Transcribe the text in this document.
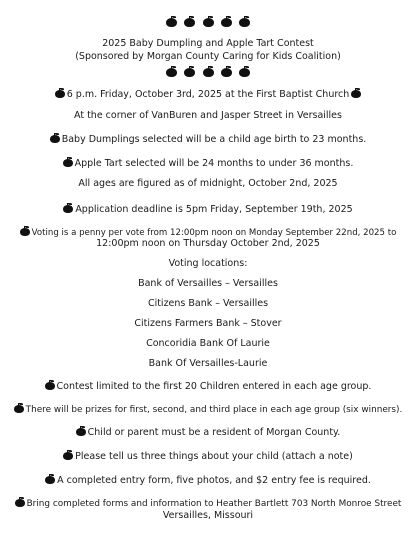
2025 Baby Dumpling and Apple Tart Contest
(Sponsored by Morgan County Caring for Kids Coalition)

6 p.m. Friday, October 3rd, 2025 at the First Baptist Church
At the corner of VanBuren and Jasper Street in Versailles
Baby Dumplings selected will be a child age birth to 23 months.
Apple Tart selected will be 24 months to under 36 months.
All ages are figured as of midnight, October 2nd, 2025
Application deadline is 5pm Friday, September 19th, 2025
Voting is a penny per vote from 12:00pm noon on Monday September 22nd, 2025 to
12:00pm noon on Thursday October 2nd, 2025
Voting locations:
Bank of Versailles – Versailles
Citizens Bank – Versailles
Citizens Farmers Bank – Stover
Concoridia Bank Of Laurie
Bank Of Versailles-Laurie
Contest limited to the first 20 Children entered in each age group.
There will be prizes for first, second, and third place in each age group (six winners).
Child or parent must be a resident of Morgan County.
Please tell us three things about your child (attach a note)
A completed entry form, five photos, and $2 entry fee is required.
Bring completed forms and information to Heather Bartlett 703 North Monroe Street
Versailles, Missouri
